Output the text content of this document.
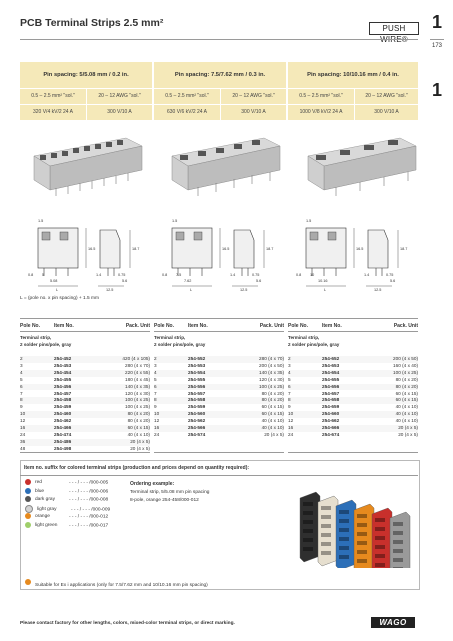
PCB Terminal Strips 2.5 mm²	PUSH	1
173
1
Pin spacing: 5/5.08 mm / 0.2 in.	Pin spacing: 7.5/7.62 mm / 0.3 in.	Pin spacing: 10/10.16 mm / 0.4 in.
0.5 – 2.5 mm² "sol."	20 – 12 AWG "sol."	0.5 – 2.5 mm² "sol."	20 – 12 AWG "sol."	0.5 – 2.5 mm² "sol."	20 – 12 AWG "sol."
320 V/4 kV/2 24 A	300 V/10 A	630 V/6 kV/2 24 A	300 V/10 A	1000 V/8 kV/2 24 A	300 V/10 A
1.5
18.7
16.5
5.08
5
0.8
L	12.5
1.4	0.75
5.6
1.5
18.7
16.5
7.62
7.5
0.8
L	12.5
1.4	0.75
5.6
1.5
18.7
16.5
10.16
10
0.8
L	12.5
1.4	0.75
5.6
L = (pole no. x pin spacing) + 1.5 mm
Pole No.	Item No.	Pack. Unit
Terminal strip,
2 solder pins/pole, gray
2	254-452	420 (4 x 105)
3	254-453	280 (4 x 70)
4	254-454	220 (4 x 55)
5	254-455	180 (4 x 45)
6	254-456	140 (4 x 35)
7	254-457	120 (4 x 30)
8	254-458	100 (4 x 25)
9	254-459	100 (4 x 25)
10	254-460	80 (4 x 20)
12	254-462	80 (4 x 20)
16	254-466	60 (4 x 15)
24	254-474	40 (4 x 10)
36	254-486	20 (4 x 5)
48	254-498	20 (4 x 5)
Pole No.	Item No.	Pack. Unit
Terminal strip,
2 solder pins/pole, gray
2	254-552	280 (4 x 70)
3	254-553	200 (4 x 50)
4	254-554	140 (4 x 35)
5	254-555	120 (4 x 30)
6	254-556	100 (4 x 25)
7	254-557	80 (4 x 20)
8	254-558	80 (4 x 20)
9	254-559	60 (4 x 15)
10	254-560	60 (4 x 15)
12	254-562	40 (4 x 10)
16	254-566	40 (4 x 10)
24	254-574	20 (4 x 5)
Pole No.	Item No.	Pack. Unit
Terminal strip,
2 solder pins/pole, gray
2	254-652	200 (4 x 50)
3	254-653	160 (4 x 40)
4	254-654	100 (4 x 25)
5	254-655	80 (4 x 20)
6	254-656	80 (4 x 20)
7	254-657	60 (4 x 15)
8	254-658	60 (4 x 15)
9	254-659	40 (4 x 10)
10	254-660	40 (4 x 10)
12	254-662	40 (4 x 10)
16	254-666	20 (4 x 5)
24	254-674	20 (4 x 5)
Item no. suffix for colored terminal strips (production and prices depend on quantity required):
red	- - - / - - - /000-005
blue	- - - / - - - /000-006
dark gray	- - - / - - - /000-008
light gray	- - - / - - - /000-009
orange	- - - / - - - /000-012
light green - - - / - - - /000-017
Ordering example:
Terminal strip, 5/5.08 mm pin spacing
8-pole, orange 254-458/000-012
Suitable for Ex i applications (only for 7.5/7.62 mm and 10/10.16 mm pin spacing)
Please contact factory for other lengths, colors, mixed-color terminal strips, or direct marking.	WAGO
